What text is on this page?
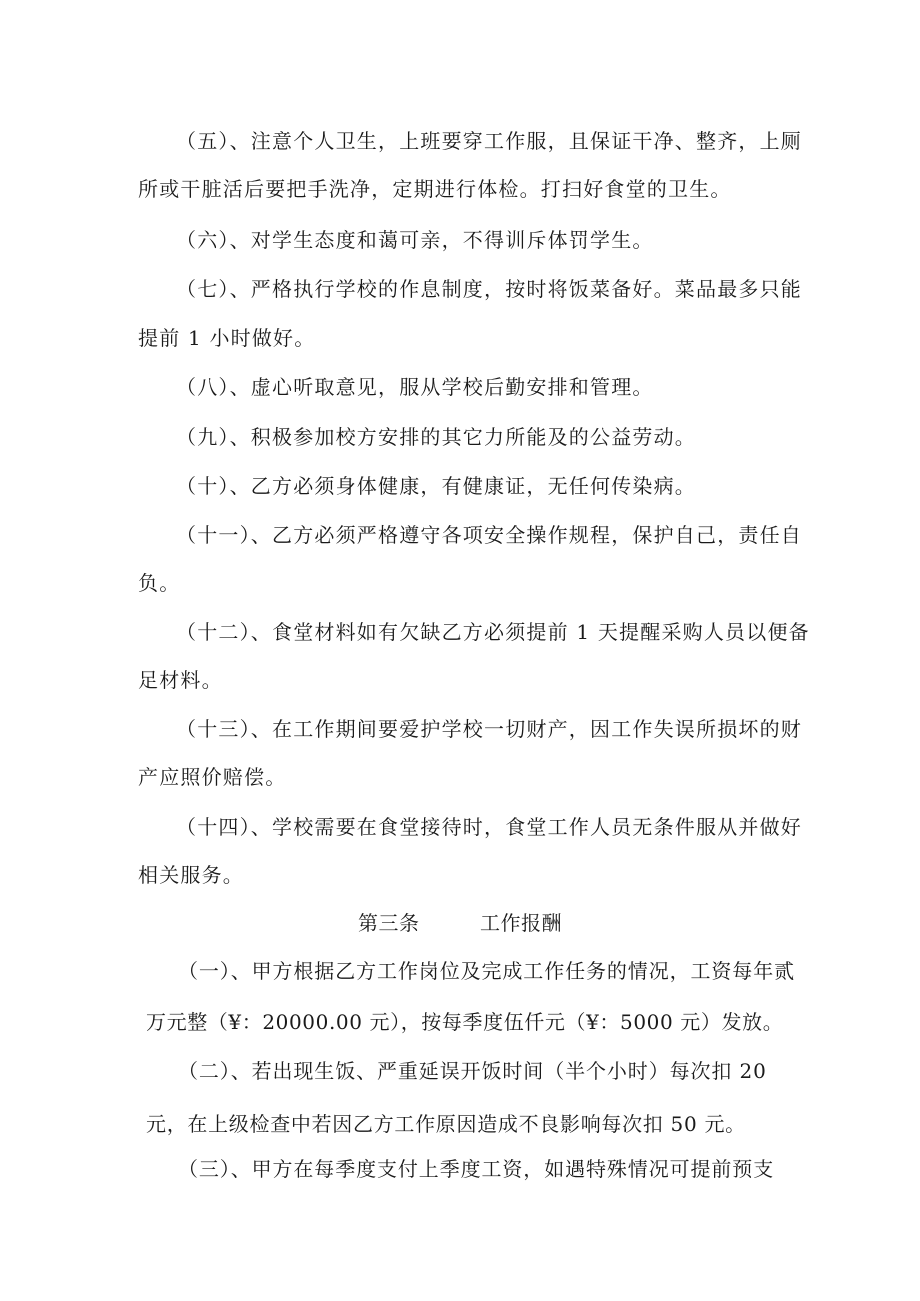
（五）、注意个人卫生，上班要穿工作服，且保证干净、整齐，上厕
所或干脏活后要把手洗净，定期进行体检。打扫好食堂的卫生。
（六）、对学生态度和蔼可亲，不得训斥体罚学生。
（七）、严格执行学校的作息制度，按时将饭菜备好。菜品最多只能
提前 1 小时做好。
（八）、虚心听取意见，服从学校后勤安排和管理。
（九）、积极参加校方安排的其它力所能及的公益劳动。
（十）、乙方必须身体健康，有健康证，无任何传染病。
（十一）、乙方必须严格遵守各项安全操作规程，保护自己，责任自
负。
（十二）、食堂材料如有欠缺乙方必须提前 1 天提醒采购人员以便备
足材料。
（十三）、在工作期间要爱护学校一切财产，因工作失误所损坏的财
产应照价赔偿。
（十四）、学校需要在食堂接待时，食堂工作人员无条件服从并做好
相关服务。
第三条	工作报酬
（一）、甲方根据乙方工作岗位及完成工作任务的情况，工资每年贰
万元整（¥：20000.00 元），按每季度伍仟元（¥：5000 元）发放。
（二）、若出现生饭、严重延误开饭时间（半个小时）每次扣 20
元，在上级检查中若因乙方工作原因造成不良影响每次扣 50 元。
（三）、甲方在每季度支付上季度工资，如遇特殊情况可提前预支
